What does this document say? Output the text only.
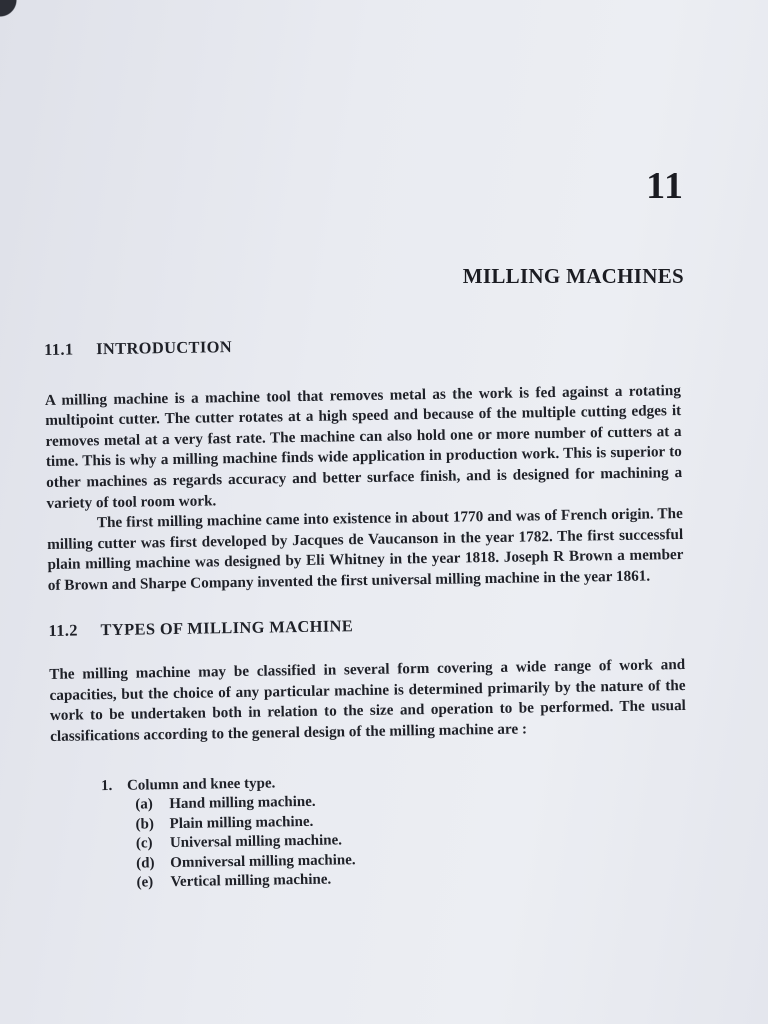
11
MILLING MACHINES
11.1 INTRODUCTION

A milling machine is a machine tool that removes metal as the work is fed against a rotating multipoint cutter. The cutter rotates at a high speed and because of the multiple cutting edges it removes metal at a very fast rate. The machine can also hold one or more number of cutters at a time. This is why a milling machine finds wide application in production work. This is superior to other machines as regards accuracy and better surface finish, and is designed for machining a variety of tool room work.

The first milling machine came into existence in about 1770 and was of French origin. The milling cutter was first developed by Jacques de Vaucanson in the year 1782. The first successful plain milling machine was designed by Eli Whitney in the year 1818. Joseph R Brown a member of Brown and Sharpe Company invented the first universal milling machine in the year 1861.

11.2 TYPES OF MILLING MACHINE

The milling machine may be classified in several form covering a wide range of work and capacities, but the choice of any particular machine is determined primarily by the nature of the work to be undertaken both in relation to the size and operation to be performed. The usual classifications according to the general design of the milling machine are :

1. Column and knee type.
(a) Hand milling machine.
(b) Plain milling machine.
(c) Universal milling machine.
(d) Omniversal milling machine.
(e) Vertical milling machine.
